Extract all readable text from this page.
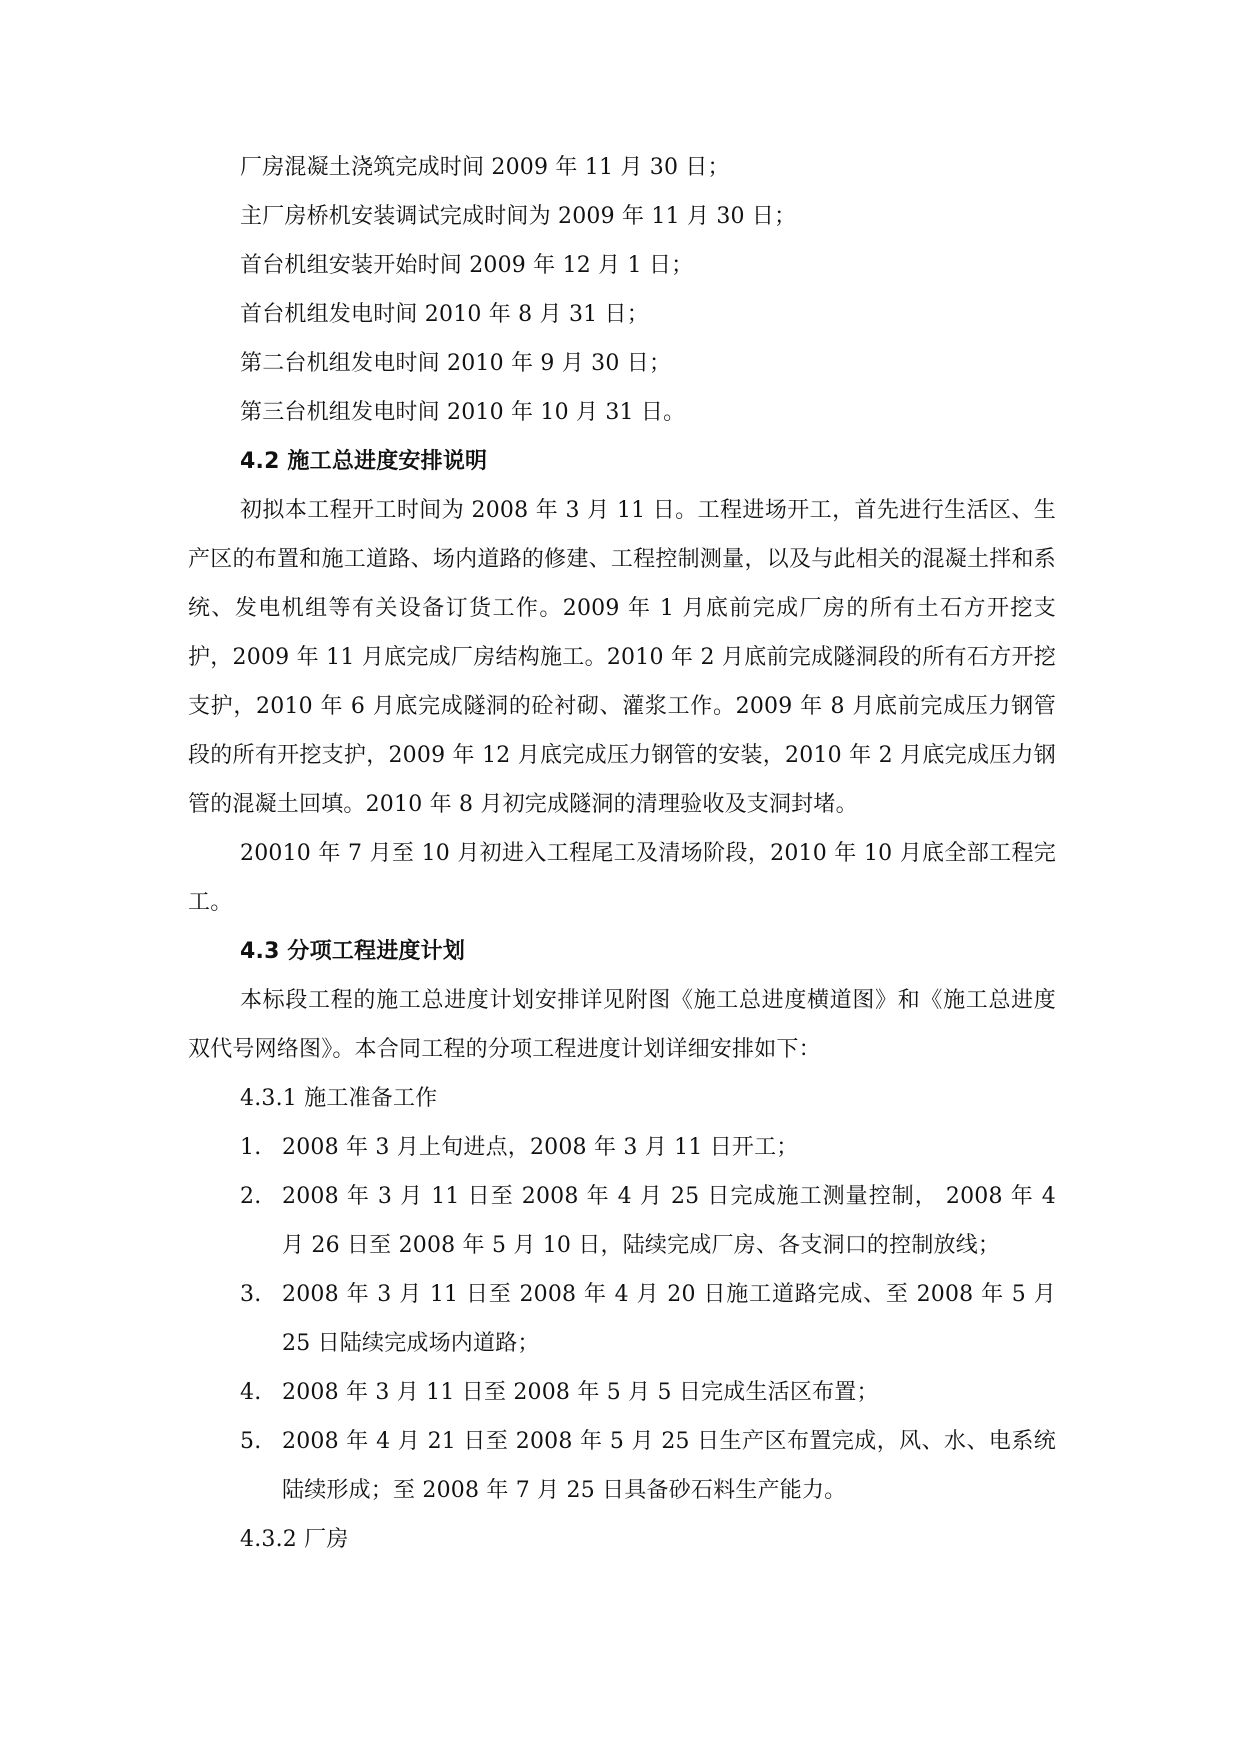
厂房混凝土浇筑完成时间 2009 年 11 月 30 日；

主厂房桥机安装调试完成时间为 2009 年 11 月 30 日；

首台机组安装开始时间 2009 年 12 月 1 日；

首台机组发电时间 2010 年 8 月 31 日；

第二台机组发电时间 2010 年 9 月 30 日；

第三台机组发电时间 2010 年 10 月 31 日。

4.2 施工总进度安排说明

初拟本工程开工时间为 2008 年 3 月 11 日。工程进场开工，首先进行生活区、生产区的布置和施工道路、场内道路的修建、工程控制测量，以及与此相关的混凝土拌和系统、发电机组等有关设备订货工作。2009 年 1 月底前完成厂房的所有土石方开挖支护，2009 年 11 月底完成厂房结构施工。2010 年 2 月底前完成隧洞段的所有石方开挖支护，2010 年 6 月底完成隧洞的砼衬砌、灌浆工作。2009 年 8 月底前完成压力钢管段的所有开挖支护，2009 年 12 月底完成压力钢管的安装，2010 年 2 月底完成压力钢管的混凝土回填。2010 年 8 月初完成隧洞的清理验收及支洞封堵。

20010 年 7 月至 10 月初进入工程尾工及清场阶段，2010 年 10 月底全部工程完工。

4.3 分项工程进度计划

本标段工程的施工总进度计划安排详见附图《施工总进度横道图》和《施工总进度双代号网络图》。本合同工程的分项工程进度计划详细安排如下：

4.3.1 施工准备工作

1. 2008 年 3 月上旬进点，2008 年 3 月 11 日开工；
2. 2008 年 3 月 11 日至 2008 年 4 月 25 日完成施工测量控制， 2008 年 4 月 26 日至 2008 年 5 月 10 日，陆续完成厂房、各支洞口的控制放线；
3. 2008 年 3 月 11 日至 2008 年 4 月 20 日施工道路完成、至 2008 年 5 月 25 日陆续完成场内道路；
4. 2008 年 3 月 11 日至 2008 年 5 月 5 日完成生活区布置；
5. 2008 年 4 月 21 日至 2008 年 5 月 25 日生产区布置完成，风、水、电系统陆续形成；至 2008 年 7 月 25 日具备砂石料生产能力。

4.3.2 厂房
